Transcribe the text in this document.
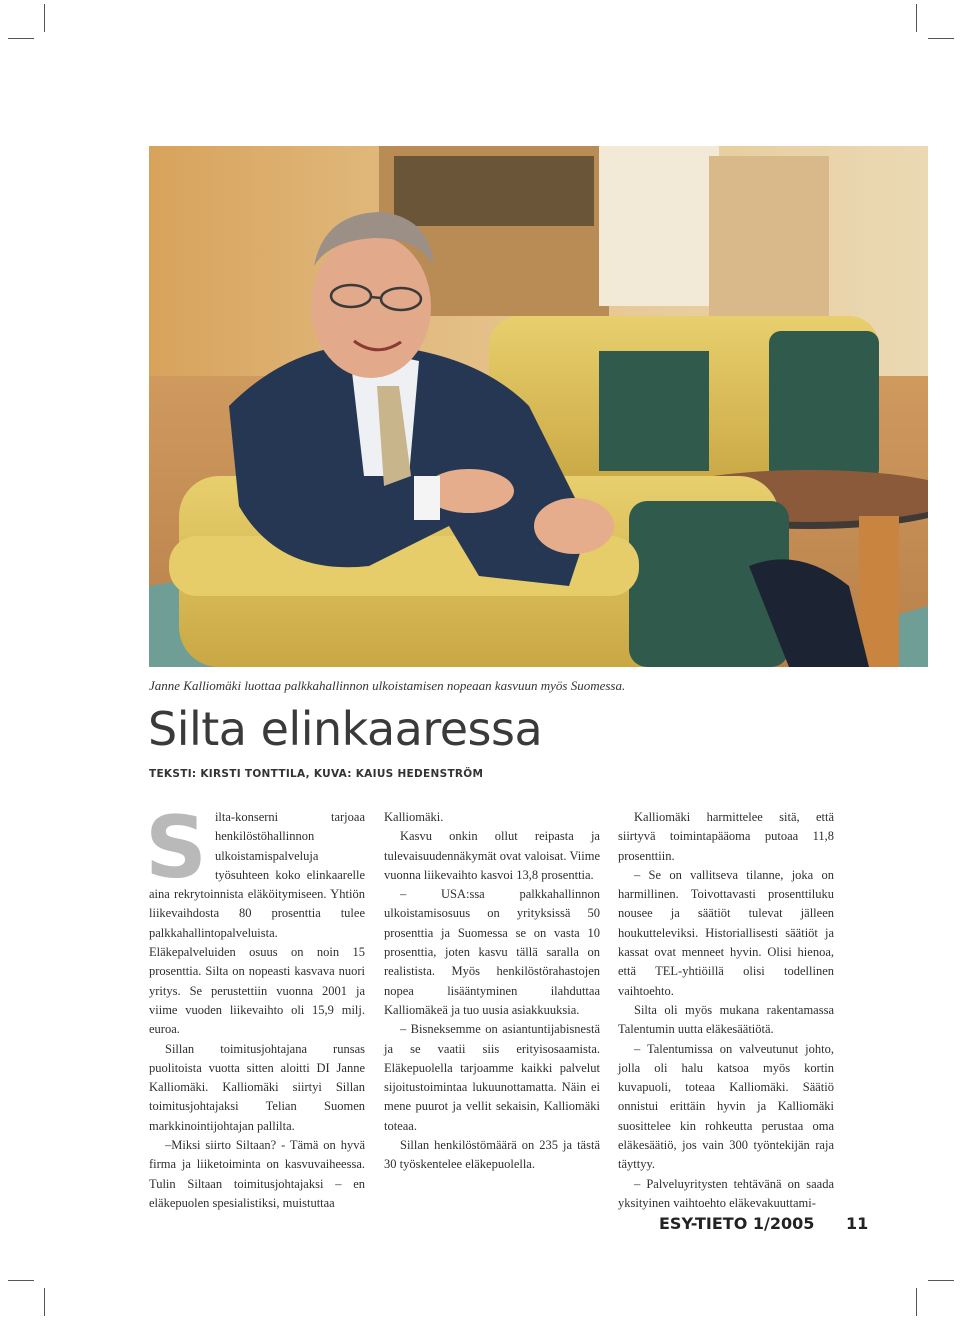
Janne Kalliomäki luottaa palkkahallinnon ulkoistamisen nopeaan kasvuun myös Suomessa.
Silta elinkaaressa
TEKSTI: KIRSTI TONTTILA, KUVA: KAIUS HEDENSTRÖM

Silta-konserni tarjoaa henkilöstöhallinnon ulkoistamispalveluja työsuhteen koko elinkaarelle aina rekrytoinnista eläköitymiseen. Yhtiön liikevaihdosta 80 prosenttia tulee palkkahallintopalveluista. Eläkepalveluiden osuus on noin 15 prosenttia. Silta on nopeasti kasvava nuori yritys. Se perustettiin vuonna 2001 ja viime vuoden liikevaihto oli 15,9 milj. euroa.

Sillan toimitusjohtajana runsas puolitoista vuotta sitten aloitti DI Janne Kalliomäki. Kalliomäki siirtyi Sillan toimitusjohtajaksi Telian Suomen markkinointijohtajan pallilta.

–Miksi siirto Siltaan? - Tämä on hyvä firma ja liiketoiminta on kasvuvaiheessa. Tulin Siltaan toimitusjohtajaksi – en eläkepuolen spesialistiksi, muistuttaa

Kalliomäki.

Kasvu onkin ollut reipasta ja tulevaisuudennäkymät ovat valoisat. Viime vuonna liikevaihto kasvoi 13,8 prosenttia.

– USA:ssa palkkahallinnon ulkoistamisosuus on yrityksissä 50 prosenttia ja Suomessa se on vasta 10 prosenttia, joten kasvu tällä saralla on realistista. Myös henkilöstörahastojen nopea lisääntyminen ilahduttaa Kalliomäkeä ja tuo uusia asiakkuuksia.

– Bisneksemme on asiantuntijabisnestä ja se vaatii siis erityisosaamista. Eläkepuolella tarjoamme kaikki palvelut sijoitustoimintaa lukuunottamatta. Näin ei mene puurot ja vellit sekaisin, Kalliomäki toteaa.

Sillan henkilöstömäärä on 235 ja tästä 30 työskentelee eläkepuolella.

Kalliomäki harmittelee sitä, että siirtyvä toimintapääoma putoaa 11,8 prosenttiin.

– Se on vallitseva tilanne, joka on harmillinen. Toivottavasti prosenttiluku nousee ja säätiöt tulevat jälleen houkutteleviksi. Historiallisesti säätiöt ja kassat ovat menneet hyvin. Olisi hienoa, että TEL-yhtiöillä olisi todellinen vaihtoehto.

Silta oli myös mukana rakentamassa Talentumin uutta eläkesäätiötä.

– Talentumissa on valveutunut johto, jolla oli halu katsoa myös kortin kuvapuoli, toteaa Kalliomäki. Säätiö onnistui erittäin hyvin ja Kalliomäki suosittelee kin rohkeutta perustaa oma eläkesäätiö, jos vain 300 työntekijän raja täyttyy.

– Palveluyritysten tehtävänä on saada yksityinen vaihtoehto eläkevakuuttami-

ESY-TIETO 1/2005 11
